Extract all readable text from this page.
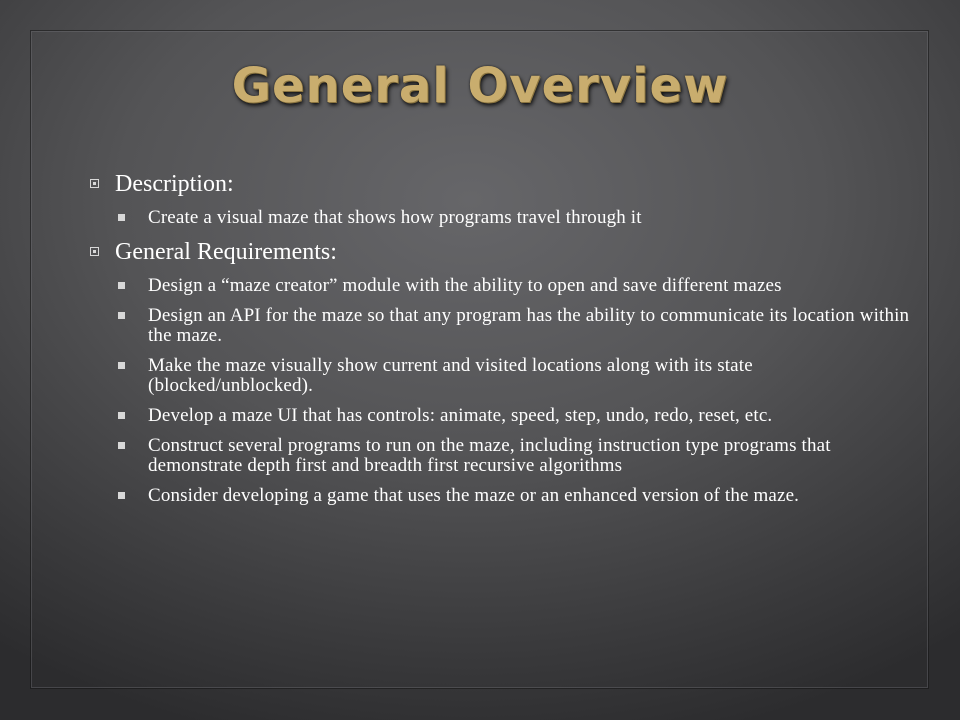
General Overview
Description:
Create a visual maze that shows how programs travel through it
General Requirements:
Design a “maze creator” module with the ability to open and save different mazes
Design an API for the maze so that any program has the ability to communicate its location within the maze.
Make the maze visually show current and visited locations along with its state (blocked/unblocked).
Develop a maze UI that has controls: animate, speed, step, undo, redo, reset, etc.
Construct several programs to run on the maze, including instruction type programs that demonstrate depth first and breadth first recursive algorithms
Consider developing a game that uses the maze or an enhanced version of the maze.
